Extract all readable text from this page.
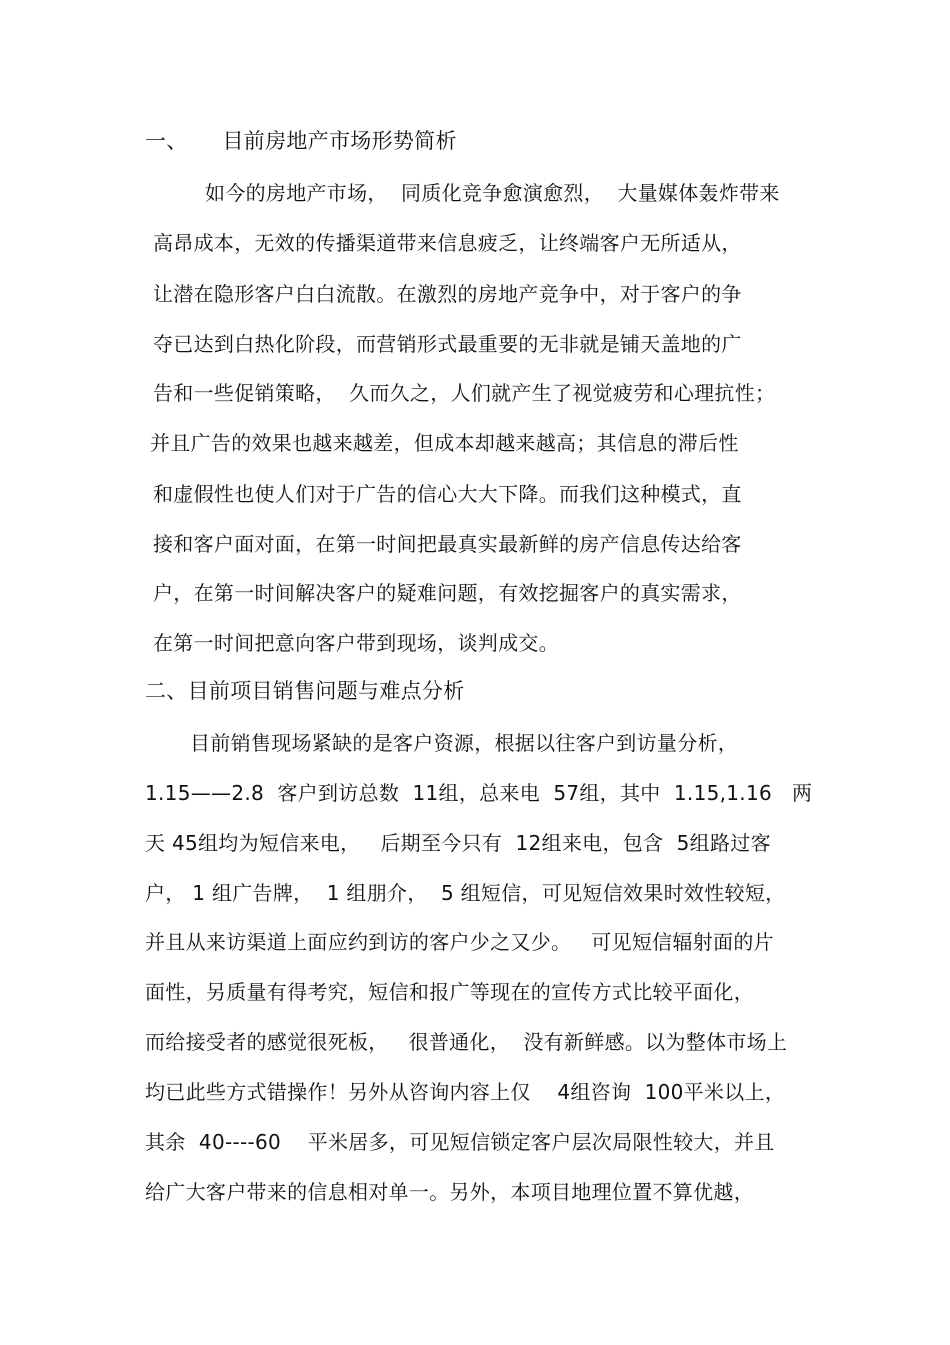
一、     目前房地产市场形势简析
如今的房地产市场，  同质化竞争愈演愈烈，  大量媒体轰炸带来
高昂成本，无效的传播渠道带来信息疲乏，让终端客户无所适从，
让潜在隐形客户白白流散。在激烈的房地产竞争中，对于客户的争
夺已达到白热化阶段，而营销形式最重要的无非就是铺天盖地的广
告和一些促销策略，  久而久之，人们就产生了视觉疲劳和心理抗性；
并且广告的效果也越来越差，但成本却越来越高；其信息的滞后性
和虚假性也使人们对于广告的信心大大下降。而我们这种模式，直
接和客户面对面，在第一时间把最真实最新鲜的房产信息传达给客
户，在第一时间解决客户的疑难问题，有效挖掘客户的真实需求，
在第一时间把意向客户带到现场，谈判成交。
二、目前项目销售问题与难点分析
目前销售现场紧缺的是客户资源，根据以往客户到访量分析，
1.15——2.8  客户到访总数  11组，总来电  57组，其中  1.15,1.16   两
天 45组均为短信来电，   后期至今只有  12组来电，包含  5组路过客
户， 1 组广告牌，  1 组朋介，  5 组短信，可见短信效果时效性较短，
并且从来访渠道上面应约到访的客户少之又少。   可见短信辐射面的片
面性，另质量有得考究，短信和报广等现在的宣传方式比较平面化，
而给接受者的感觉很死板，   很普通化，  没有新鲜感。以为整体市场上
均已此些方式错操作！另外从咨询内容上仅    4组咨询  100平米以上，
其余  40----60    平米居多，可见短信锁定客户层次局限性较大，并且
给广大客户带来的信息相对单一。另外，本项目地理位置不算优越，
